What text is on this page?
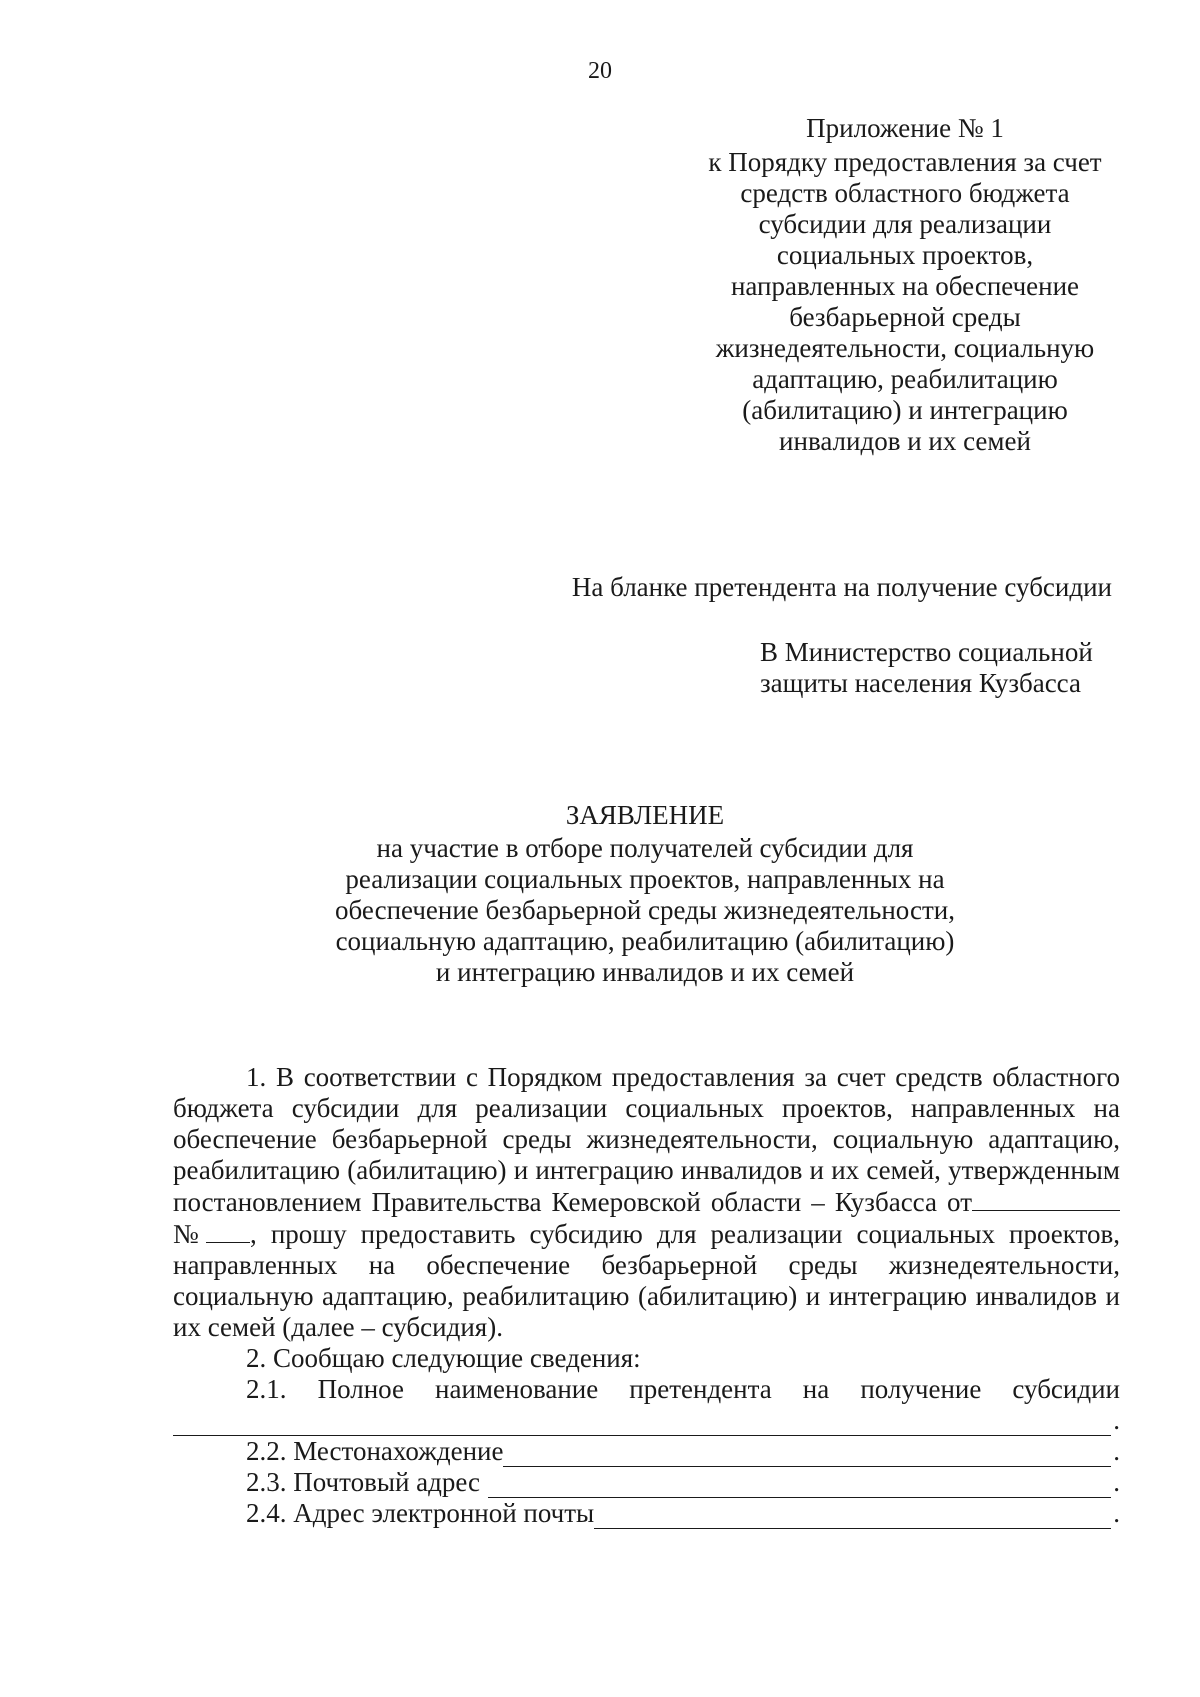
20
Приложение № 1
к Порядку предоставления за счет
средств областного бюджета
субсидии для реализации
социальных проектов,
направленных на обеспечение
безбарьерной среды
жизнедеятельности, социальную
адаптацию, реабилитацию
(абилитацию) и интеграцию
инвалидов и их семей
На бланке претендента на получение субсидии
В Министерство социальной
защиты населения Кузбасса
ЗАЯВЛЕНИЕ
на участие в отборе получателей субсидии для
реализации социальных проектов, направленных на
обеспечение безбарьерной среды жизнедеятельности,
социальную адаптацию, реабилитацию (абилитацию)
и интеграцию инвалидов и их семей

1. В соответствии с Порядком предоставления за счет средств областного бюджета субсидии для реализации социальных проектов, направленных на обеспечение безбарьерной среды жизнедеятельности, социальную адаптацию, реабилитацию (абилитацию) и интеграцию инвалидов и их семей, утвержденным постановлением Правительства Кемеровской области – Кузбасса от№ , прошу предоставить субсидию для реализации социальных проектов, направленных на обеспечение безбарьерной среды жизнедеятельности, социальную адаптацию, реабилитацию (абилитацию) и интеграцию инвалидов и их семей (далее – субсидия).

2. Сообщаю следующие сведения:

2.1. Полное наименование претендента на получение субсидии

.
2.2. Местонахождение	.
2.3. Почтовый адрес	.
2.4. Адрес электронной почты	.
